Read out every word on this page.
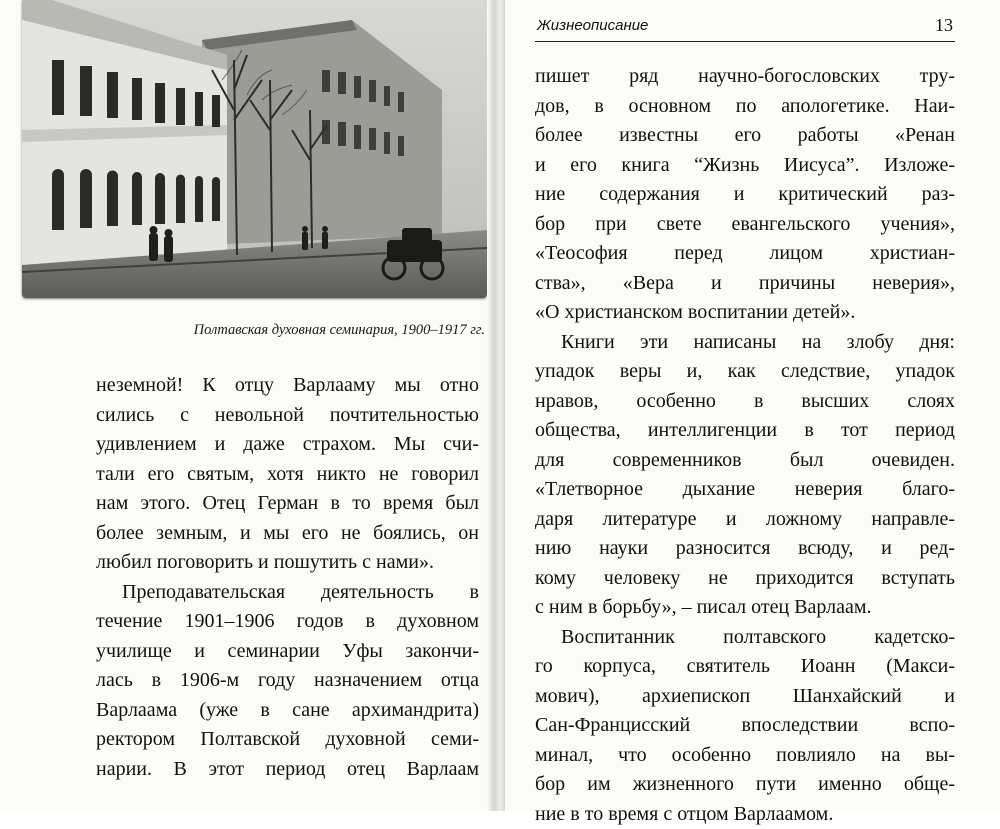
Полтавская духовная семинария, 1900–1917 гг.

неземной! К отцу Варлааму мы отно
сились с невольной почтительностью
удивлением и даже страхом. Мы счи-
тали его святым, хотя никто не говорил
нам этого. Отец Герман в то время был
более земным, и мы его не боялись, он
любил поговорить и пошутить с нами».

Преподавательская деятельность в
течение 1901–1906 годов в духовном
училище и семинарии Уфы закончи-
лась в 1906-м году назначением отца
Варлаама (уже в сане архимандрита)
ректором Полтавской духовной семи-
нарии. В этот период отец Варлаам

Жизнеописание	13

пишет ряд научно-богословских тру-
дов, в основном по апологетике. Наи-
более известны его работы «Ренан
и его книга “Жизнь Иисуса”. Изложе-
ние содержания и критический раз-
бор при свете евангельского учения»,
«Теософия перед лицом христиан-
ства», «Вера и причины неверия»,
«О христианском воспитании детей».

Книги эти написаны на злобу дня:
упадок веры и, как следствие, упадок
нравов, особенно в высших слоях
общества, интеллигенции в тот период
для современников был очевиден.
«Тлетворное дыхание неверия благо-
даря литературе и ложному направле-
нию науки разносится всюду, и ред-
кому человеку не приходится вступать
с ним в борьбу», – писал отец Варлаам.

Воспитанник полтавского кадетско-
го корпуса, святитель Иоанн (Макси-
мович), архиепископ Шанхайский и
Сан-Францисский впоследствии вспо-
минал, что особенно повлияло на вы-
бор им жизненного пути именно обще-
ние в то время с отцом Варлаамом.
